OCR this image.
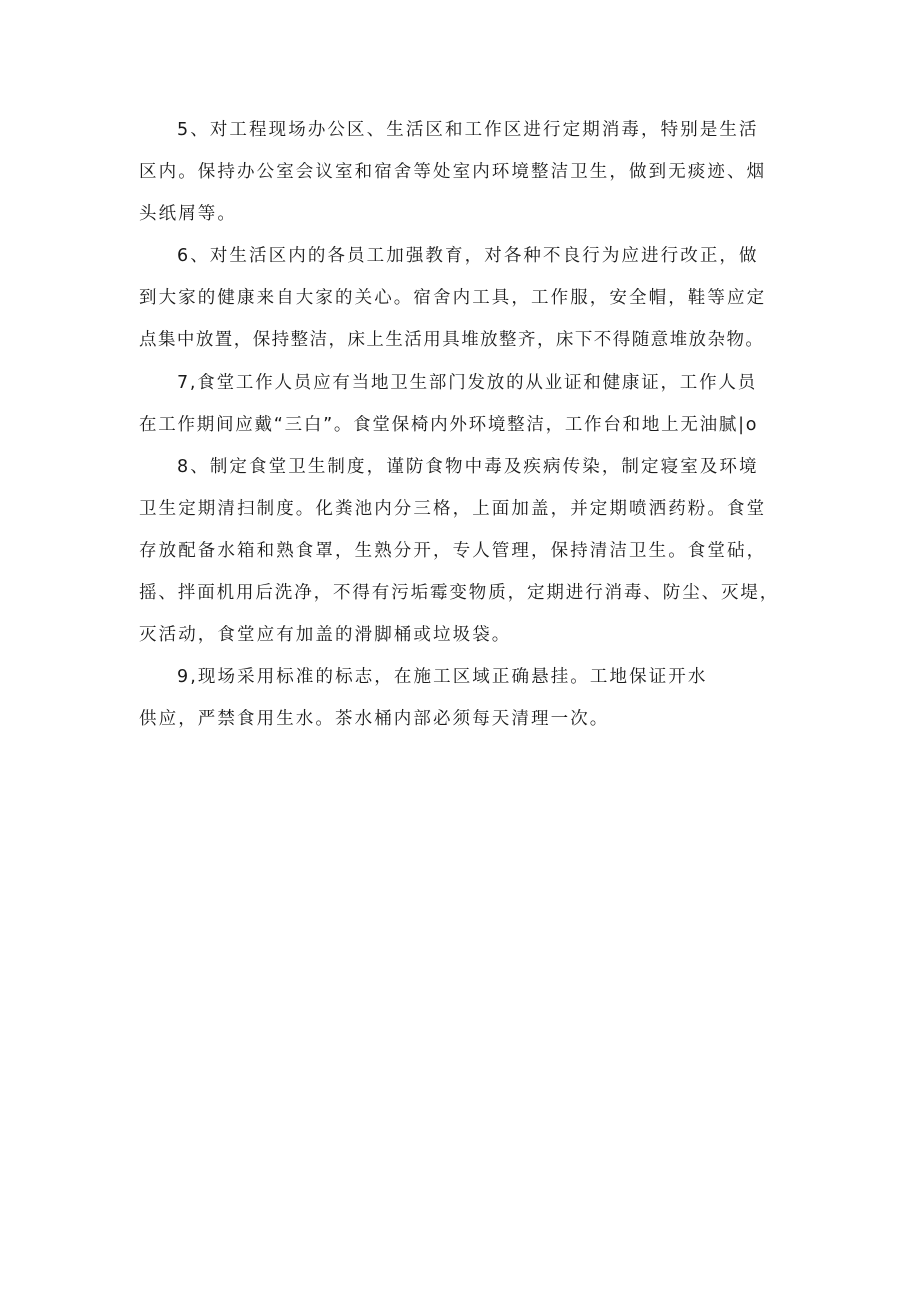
5、对工程现场办公区、生活区和工作区进行定期消毒，特别是生活
区内。保持办公室会议室和宿舍等处室内环境整洁卫生，做到无痰迹、烟
头纸屑等。
6、对生活区内的各员工加强教育，对各种不良行为应进行改正，做
到大家的健康来自大家的关心。宿舍内工具，工作服，安全帽，鞋等应定
点集中放置，保持整洁，床上生活用具堆放整齐，床下不得随意堆放杂物。
7,食堂工作人员应有当地卫生部门发放的从业证和健康证，工作人员
在工作期间应戴“三白”。食堂保椅内外环境整洁，工作台和地上无油腻|o
8、制定食堂卫生制度，谨防食物中毒及疾病传染，制定寝室及环境
卫生定期清扫制度。化粪池内分三格，上面加盖，并定期喷洒药粉。食堂
存放配备水箱和熟食罩，生熟分开，专人管理，保持清洁卫生。食堂砧，
摇、拌面机用后洗净，不得有污垢霉变物质，定期进行消毒、防尘、灭堤，
灭活动，食堂应有加盖的滑脚桶或垃圾袋。
9,现场采用标准的标志，在施工区域正确悬挂。工地保证开水
供应，严禁食用生水。茶水桶内部必须每天清理一次。
